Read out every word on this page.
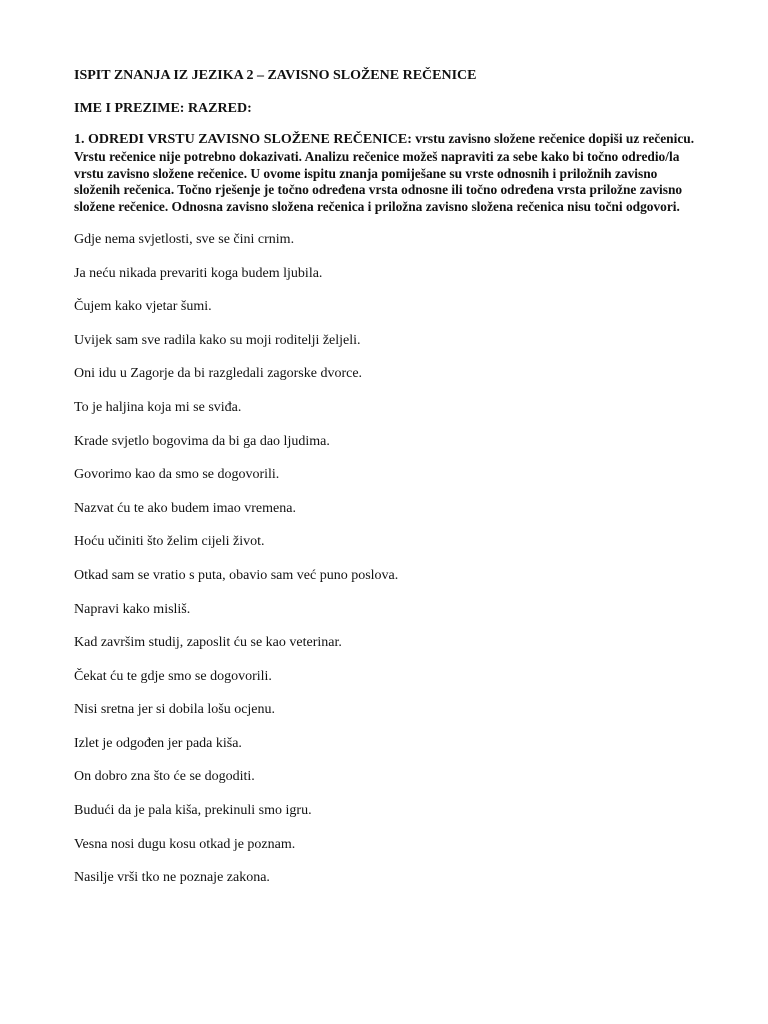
ISPIT ZNANJA IZ JEZIKA 2 – ZAVISNO SLOŽENE REČENICE

IME I PREZIME: RAZRED:

1. ODREDI VRSTU ZAVISNO SLOŽENE REČENICE: vrstu zavisno složene rečenice dopiši uz rečenicu. Vrstu rečenice nije potrebno dokazivati. Analizu rečenice možeš napraviti za sebe kako bi točno odredio/la vrstu zavisno složene rečenice. U ovome ispitu znanja pomiješane su vrste odnosnih i priložnih zavisno složenih rečenica. Točno rješenje je točno određena vrsta odnosne ili točno određena vrsta priložne zavisno složene rečenice. Odnosna zavisno složena rečenica i priložna zavisno složena rečenica nisu točni odgovori.

Gdje nema svjetlosti, sve se čini crnim.
Ja neću nikada prevariti koga budem ljubila.
Čujem kako vjetar šumi.
Uvijek sam sve radila kako su moji roditelji željeli.
Oni idu u Zagorje da bi razgledali zagorske dvorce.
To je haljina koja mi se sviđa.
Krade svjetlo bogovima da bi ga dao ljudima.
Govorimo kao da smo se dogovorili.
Nazvat ću te ako budem imao vremena.
Hoću učiniti što želim cijeli život.
Otkad sam se vratio s puta, obavio sam već puno poslova.
Napravi kako misliš.
Kad završim studij, zaposlit ću se kao veterinar.
Čekat ću te gdje smo se dogovorili.
Nisi sretna jer si dobila lošu ocjenu.
Izlet je odgođen jer pada kiša.
On dobro zna što će se dogoditi.
Budući da je pala kiša, prekinuli smo igru.
Vesna nosi dugu kosu otkad je poznam.
Nasilje vrši tko ne poznaje zakona.
